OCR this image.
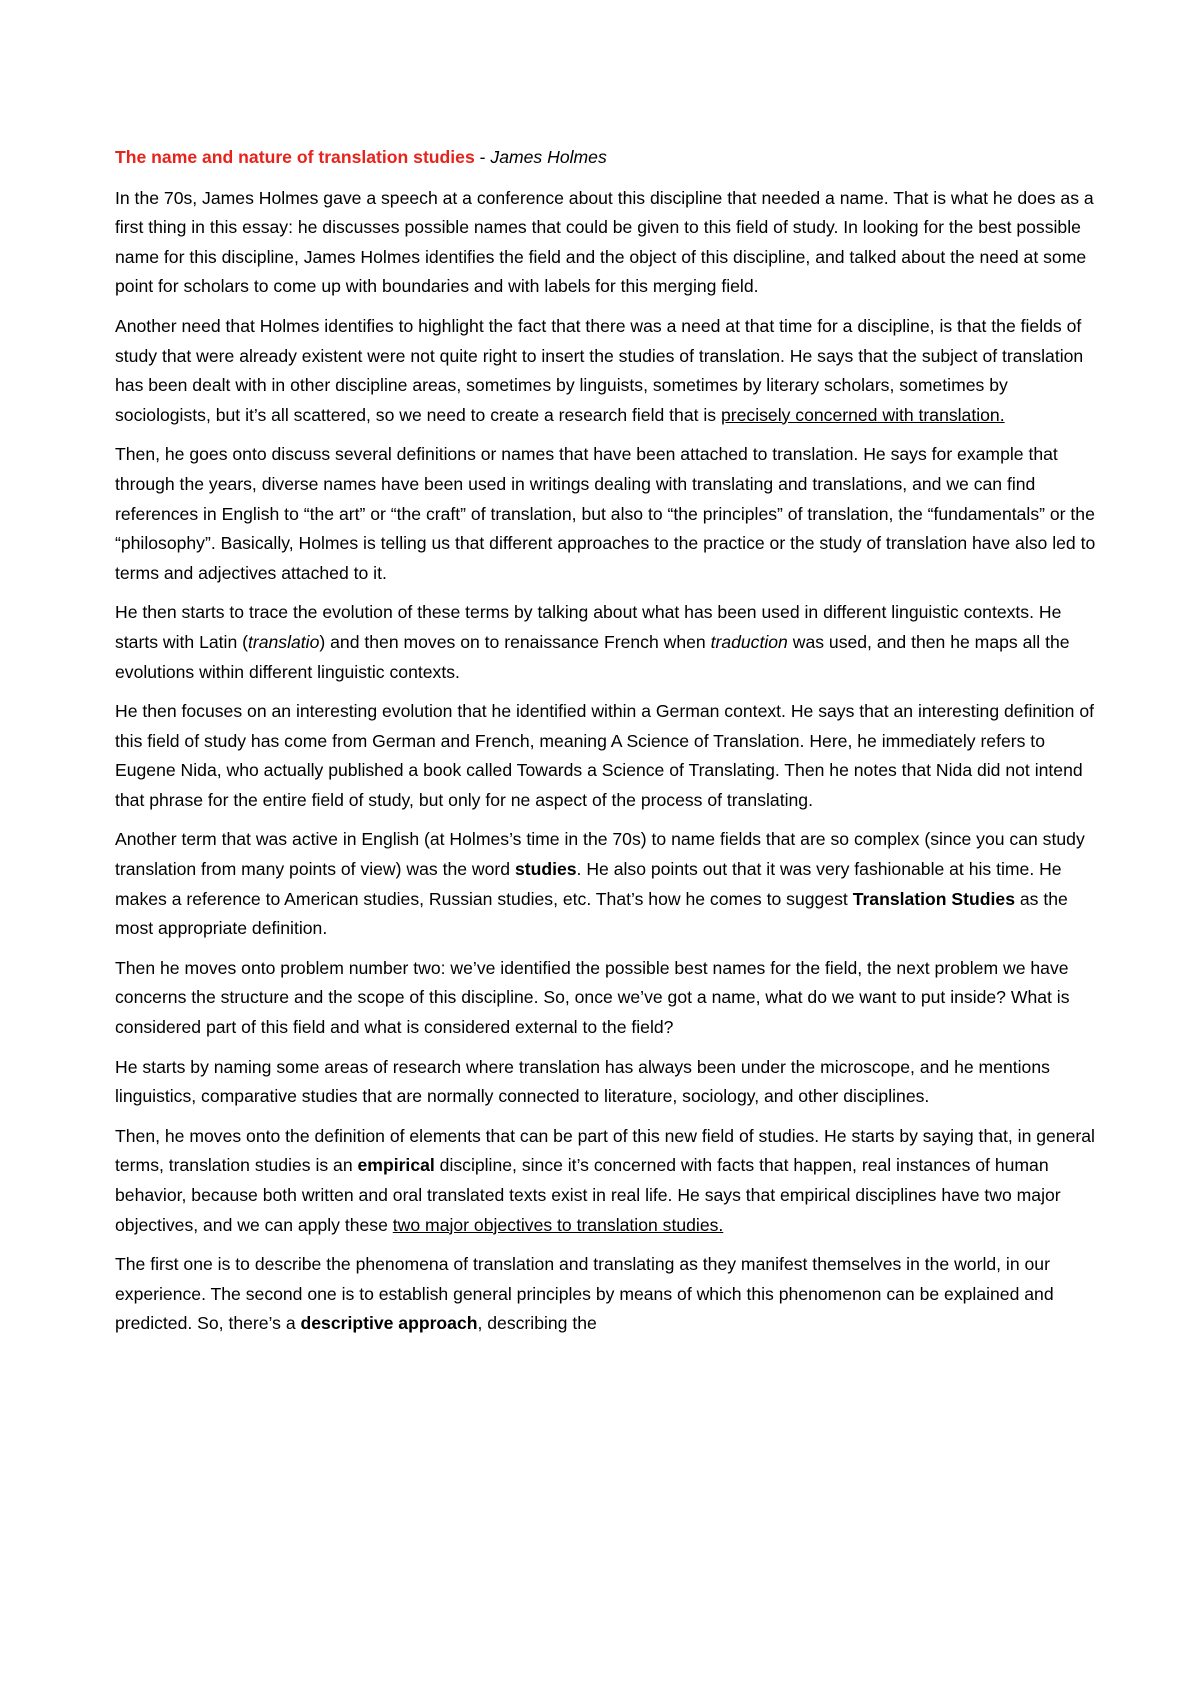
The name and nature of translation studies - James Holmes

In the 70s, James Holmes gave a speech at a conference about this discipline that needed a name. That is what he does as a first thing in this essay: he discusses possible names that could be given to this field of study. In looking for the best possible name for this discipline, James Holmes identifies the field and the object of this discipline, and talked about the need at some point for scholars to come up with boundaries and with labels for this merging field.

Another need that Holmes identifies to highlight the fact that there was a need at that time for a discipline, is that the fields of study that were already existent were not quite right to insert the studies of translation. He says that the subject of translation has been dealt with in other discipline areas, sometimes by linguists, sometimes by literary scholars, sometimes by sociologists, but it’s all scattered, so we need to create a research field that is precisely concerned with translation.

Then, he goes onto discuss several definitions or names that have been attached to translation. He says for example that through the years, diverse names have been used in writings dealing with translating and translations, and we can find references in English to “the art” or “the craft” of translation, but also to “the principles” of translation, the “fundamentals” or the “philosophy”. Basically, Holmes is telling us that different approaches to the practice or the study of translation have also led to terms and adjectives attached to it.

He then starts to trace the evolution of these terms by talking about what has been used in different linguistic contexts. He starts with Latin (translatio) and then moves on to renaissance French when traduction was used, and then he maps all the evolutions within different linguistic contexts.

He then focuses on an interesting evolution that he identified within a German context. He says that an interesting definition of this field of study has come from German and French, meaning A Science of Translation. Here, he immediately refers to Eugene Nida, who actually published a book called Towards a Science of Translating. Then he notes that Nida did not intend that phrase for the entire field of study, but only for ne aspect of the process of translating.

Another term that was active in English (at Holmes’s time in the 70s) to name fields that are so complex (since you can study translation from many points of view) was the word studies. He also points out that it was very fashionable at his time. He makes a reference to American studies, Russian studies, etc. That’s how he comes to suggest Translation Studies as the most appropriate definition.

Then he moves onto problem number two: we’ve identified the possible best names for the field, the next problem we have concerns the structure and the scope of this discipline. So, once we’ve got a name, what do we want to put inside? What is considered part of this field and what is considered external to the field?

He starts by naming some areas of research where translation has always been under the microscope, and he mentions linguistics, comparative studies that are normally connected to literature, sociology, and other disciplines.

Then, he moves onto the definition of elements that can be part of this new field of studies. He starts by saying that, in general terms, translation studies is an empirical discipline, since it’s concerned with facts that happen, real instances of human behavior, because both written and oral translated texts exist in real life. He says that empirical disciplines have two major objectives, and we can apply these two major objectives to translation studies.

The first one is to describe the phenomena of translation and translating as they manifest themselves in the world, in our experience. The second one is to establish general principles by means of which this phenomenon can be explained and predicted. So, there’s a descriptive approach, describing the
